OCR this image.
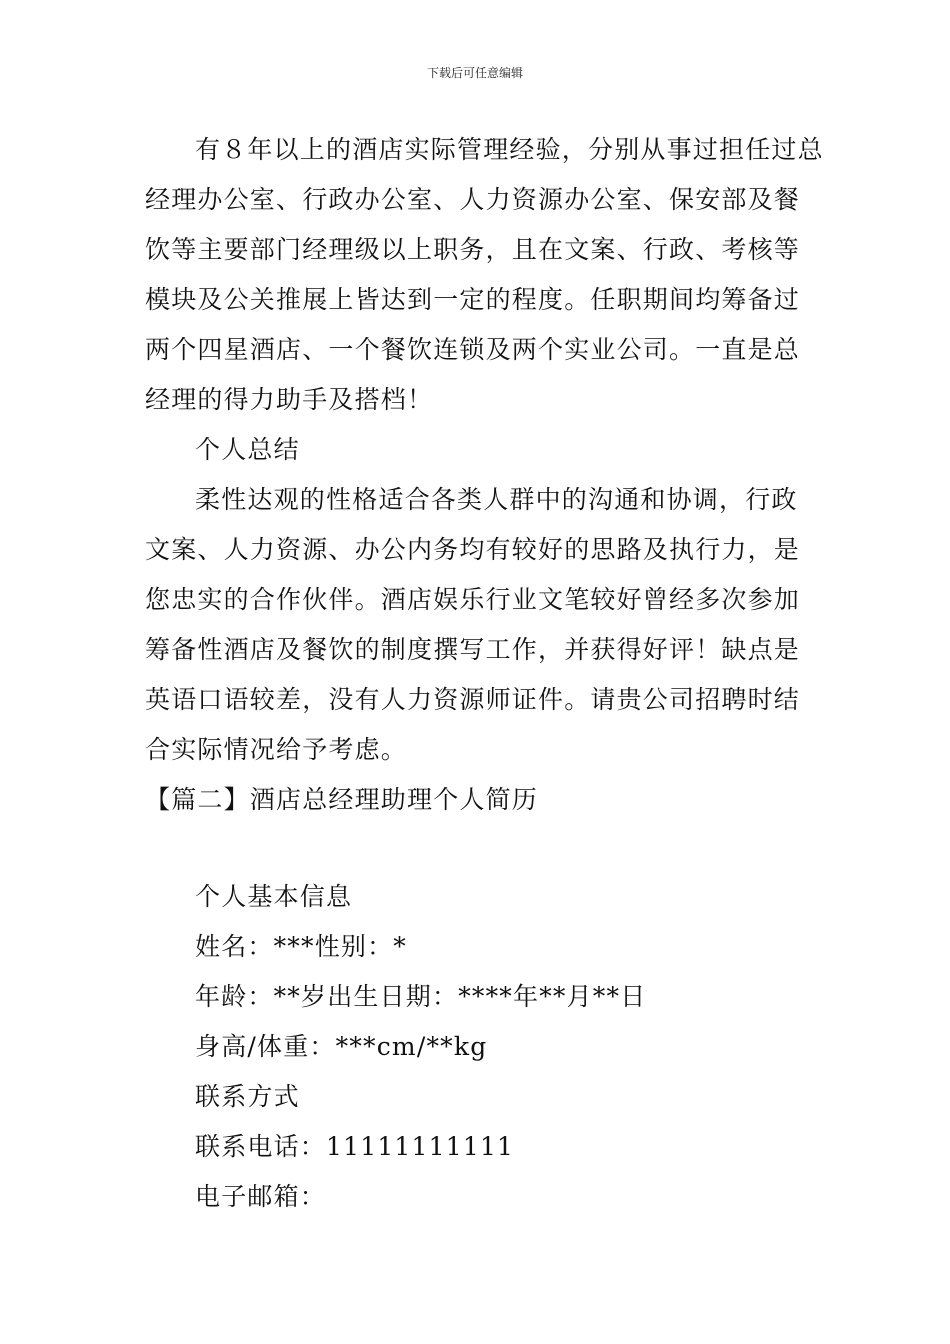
下载后可任意编辑
有８年以上的酒店实际管理经验，分别从事过担任过总
经理办公室、行政办公室、人力资源办公室、保安部及餐
饮等主要部门经理级以上职务，且在文案、行政、考核等
模块及公关推展上皆达到一定的程度。任职期间均筹备过
两个四星酒店、一个餐饮连锁及两个实业公司。一直是总
经理的得力助手及搭档！
个人总结
柔性达观的性格适合各类人群中的沟通和协调，行政
文案、人力资源、办公内务均有较好的思路及执行力，是
您忠实的合作伙伴。酒店娱乐行业文笔较好曾经多次参加
筹备性酒店及餐饮的制度撰写工作，并获得好评！缺点是
英语口语较差，没有人力资源师证件。请贵公司招聘时结
合实际情况给予考虑。
【篇二】酒店总经理助理个人简历
个人基本信息
姓名：***性别：*
年龄：**岁出生日期：****年**月**日
身高/体重：***cm/**kg
联系方式
联系电话：11111111111
电子邮箱：
